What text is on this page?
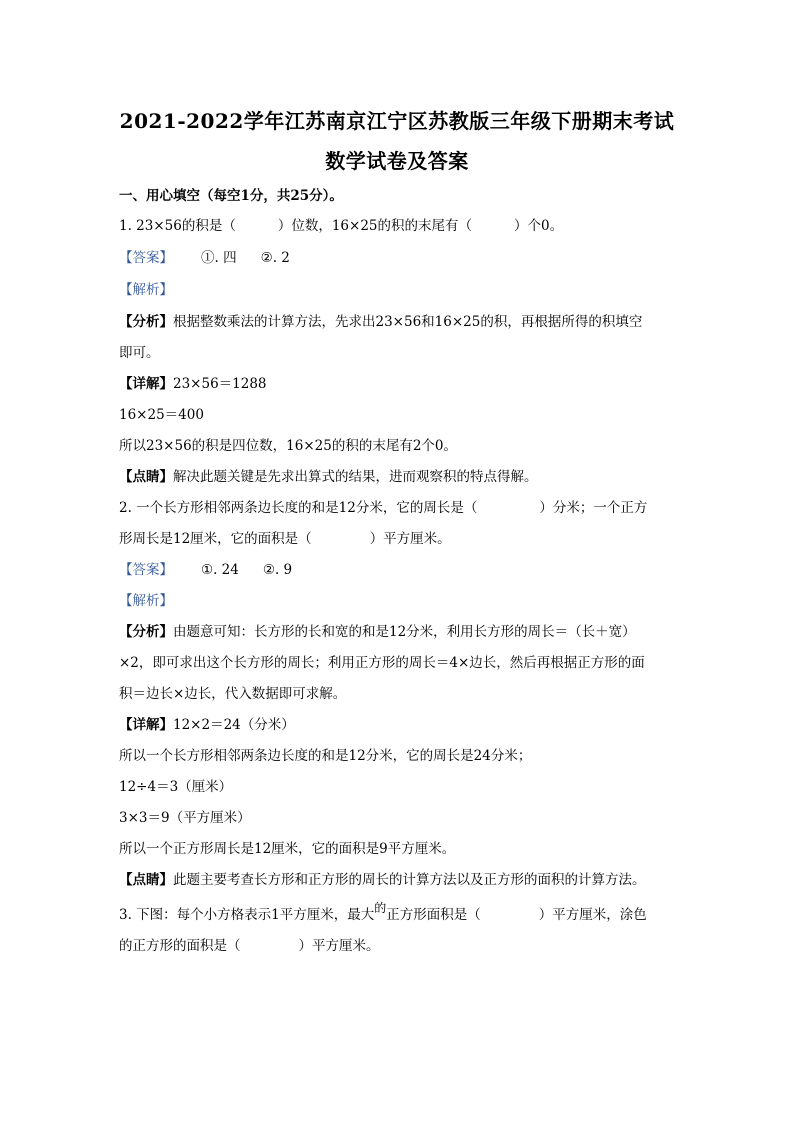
2021-2022学年江苏南京江宁区苏教版三年级下册期末考试
数学试卷及答案
一、用心填空（每空1分，共25分）。
1. 23×56的积是（	）位数，16×25的积的末尾有（	）个0。
【答案】 ①. 四 ②. 2
【解析】
【分析】根据整数乘法的计算方法，先求出23×56和16×25的积，再根据所得的积填空
即可。
【详解】23×56＝1288
16×25＝400
所以23×56的积是四位数，16×25的积的末尾有2个0。
【点睛】解决此题关键是先求出算式的结果，进而观察积的特点得解。
2. 一个长方形相邻两条边长度的和是12分米，它的周长是（	）分米；一个正方
形周长是12厘米，它的面积是（	）平方厘米。
【答案】 ①. 24 ②. 9
【解析】
【分析】由题意可知：长方形的长和宽的和是12分米，利用长方形的周长＝（长＋宽）
×2，即可求出这个长方形的周长；利用正方形的周长＝4×边长，然后再根据正方形的面
积＝边长×边长，代入数据即可求解。
【详解】12×2＝24（分米）
所以一个长方形相邻两条边长度的和是12分米，它的周长是24分米；
12÷4＝3（厘米）
3×3＝9（平方厘米）
所以一个正方形周长是12厘米，它的面积是9平方厘米。
【点睛】此题主要考查长方形和正方形的周长的计算方法以及正方形的面积的计算方法。
3. 下图：每个小方格表示1平方厘米，最大的正方形面积是（	）平方厘米，涂色
的正方形的面积是（	）平方厘米。
